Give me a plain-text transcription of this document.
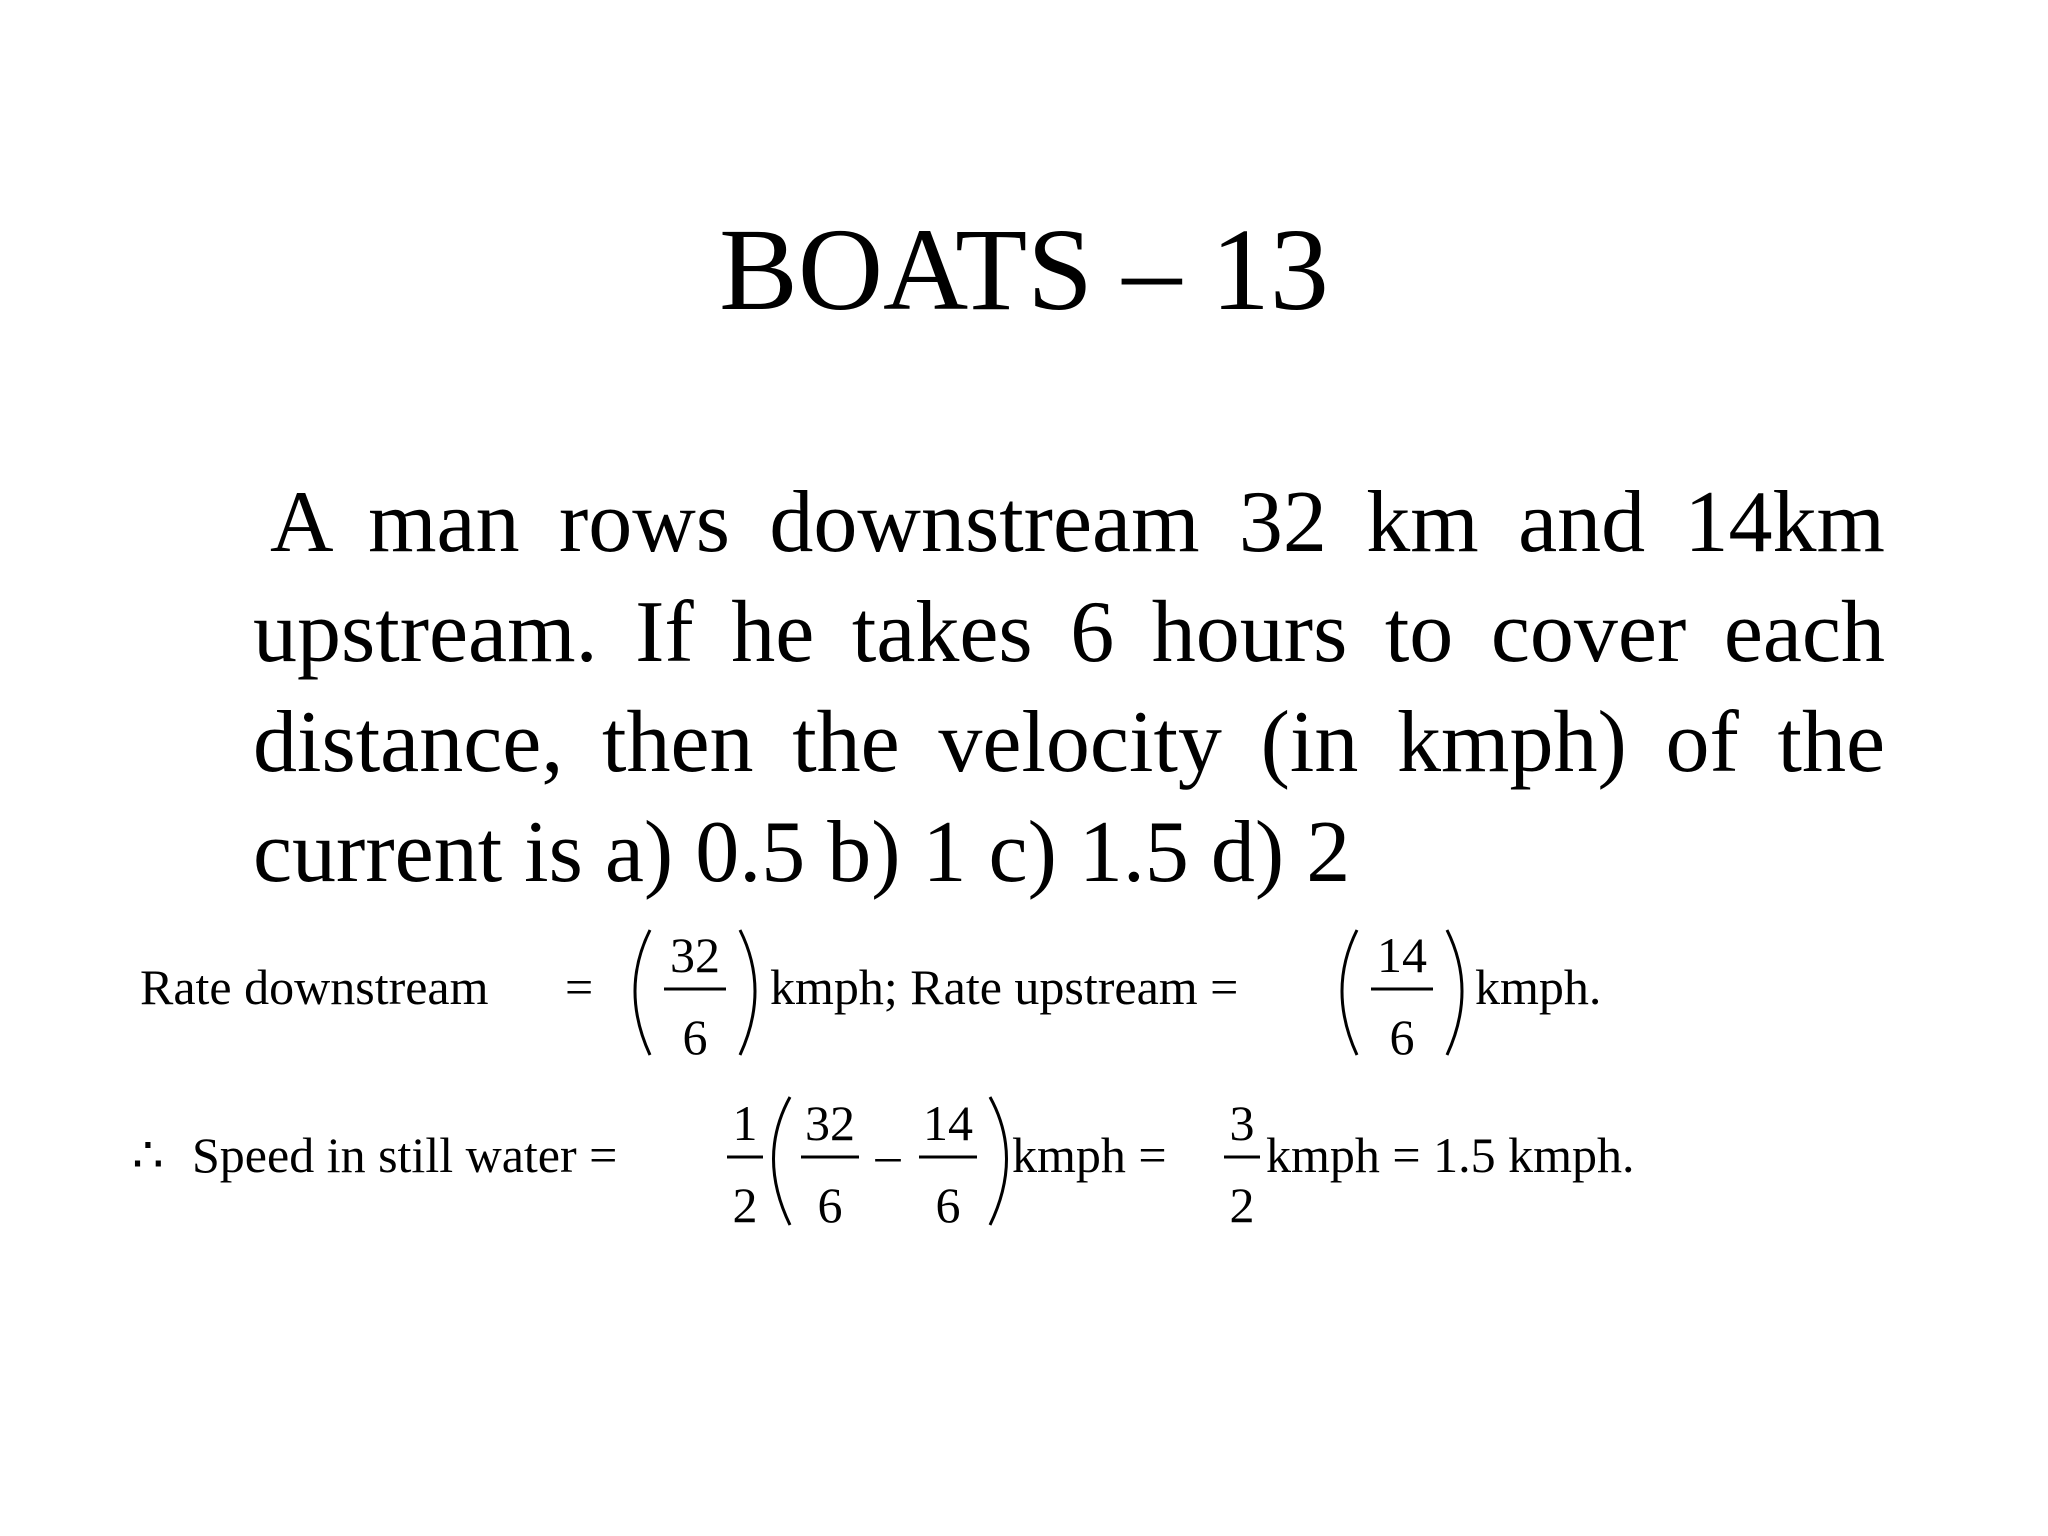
BOATS – 13
A man rows downstream 32 km and 14km
upstream. If he takes 6 hours to cover each
distance, then the velocity (in kmph) of the
current is a) 0.5 b) 1 c) 1.5 d) 2
Rate downstream =
32
6
kmph; Rate upstream =
14
6
kmph.
∴ Speed in still water =
1
2
32
6
–
14
6
kmph =
3
2
kmph = 1.5 kmph.
